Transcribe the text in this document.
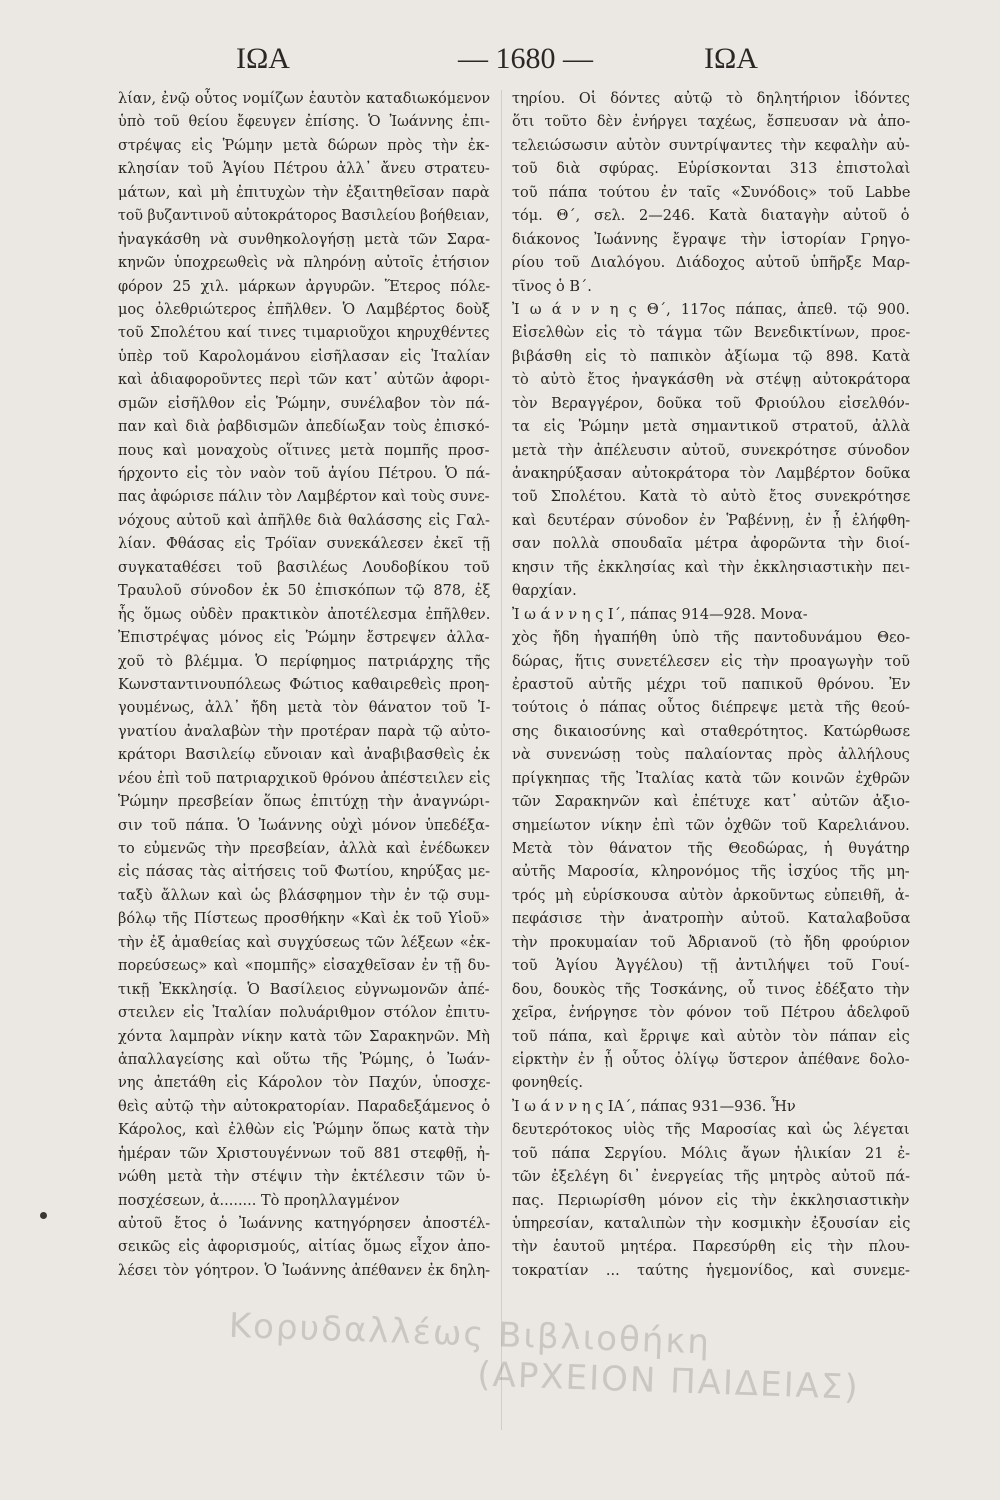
ΙΩΑ	— 1680 —	ΙΩΑ
λίαν, ἐνῷ οὗτος νομίζων ἑαυτὸν καταδιωκόμενον
ὑπὸ τοῦ θείου ἔφευγεν ἐπίσης. Ὁ Ἰωάννης ἐπι-
στρέψας εἰς Ῥώμην μετὰ δώρων πρὸς τὴν ἐκ-
κλησίαν τοῦ Ἁγίου Πέτρου ἀλλ᾿ ἄνευ στρατευ-
μάτων, καὶ μὴ ἐπιτυχὼν τὴν ἐξαιτηθεῖσαν παρὰ
τοῦ βυζαντινοῦ αὐτοκράτορος Βασιλείου βοήθειαν,
ἠναγκάσθη νὰ συνθηκολογήσῃ μετὰ τῶν Σαρα-
κηνῶν ὑποχρεωθεὶς νὰ πληρόνῃ αὐτοῖς ἐτήσιον
φόρον 25 χιλ. μάρκων ἀργυρῶν. Ἕτερος πόλε-
μος ὀλεθριώτερος ἐπῆλθεν. Ὁ Λαμβέρτος δοὺξ
τοῦ Σπολέτου καί τινες τιμαριοῦχοι κηρυχθέντες
ὑπὲρ τοῦ Καρολομάνου εἰσῆλασαν εἰς Ἰταλίαν
καὶ ἀδιαφοροῦντες περὶ τῶν κατ᾿ αὐτῶν ἀφορι-
σμῶν εἰσῆλθον εἰς Ῥώμην, συνέλαβον τὸν πά-
παν καὶ διὰ ῥαβδισμῶν ἀπεδίωξαν τοὺς ἐπισκό-
πους καὶ μοναχοὺς οἵτινες μετὰ πομπῆς προσ-
ήρχοντο εἰς τὸν ναὸν τοῦ ἁγίου Πέτρου. Ὁ πά-
πας ἀφώρισε πάλιν τὸν Λαμβέρτον καὶ τοὺς συνε-
νόχους αὐτοῦ καὶ ἀπῆλθε διὰ θαλάσσης εἰς Γαλ-
λίαν. Φθάσας εἰς Τρόϊαν συνεκάλεσεν ἐκεῖ τῇ
συγκαταθέσει τοῦ βασιλέως Λουδοβίκου τοῦ
Τραυλοῦ σύνοδον ἐκ 50 ἐπισκόπων τῷ 878, ἐξ
ἧς ὅμως οὐδὲν πρακτικὸν ἀποτέλεσμα ἐπῆλθεν.
Ἐπιστρέψας μόνος εἰς Ῥώμην ἔστρεψεν ἀλλα-
χοῦ τὸ βλέμμα. Ὁ περίφημος πατριάρχης τῆς
Κωνσταντινουπόλεως Φώτιος καθαιρεθεὶς προη-
γουμένως, ἀλλ᾿ ἤδη μετὰ τὸν θάνατον τοῦ Ἰ-
γνατίου ἀναλαβὼν τὴν προτέραν παρὰ τῷ αὐτο-
κράτορι Βασιλείῳ εὔνοιαν καὶ ἀναβιβασθεὶς ἐκ
νέου ἐπὶ τοῦ πατριαρχικοῦ θρόνου ἀπέστειλεν εἰς
Ῥώμην πρεσβείαν ὅπως ἐπιτύχῃ τὴν ἀναγνώρι-
σιν τοῦ πάπα. Ὁ Ἰωάννης οὐχὶ μόνον ὑπεδέξα-
το εὐμενῶς τὴν πρεσβείαν, ἀλλὰ καὶ ἐνέδωκεν
εἰς πάσας τὰς αἰτήσεις τοῦ Φωτίου, κηρύξας με-
ταξὺ ἄλλων καὶ ὡς βλάσφημον τὴν ἐν τῷ συμ-
βόλῳ τῆς Πίστεως προσθήκην «Καὶ ἐκ τοῦ Υἱοῦ»
τὴν ἐξ ἀμαθείας καὶ συγχύσεως τῶν λέξεων «ἐκ-
πορεύσεως» καὶ «πομπῆς» εἰσαχθεῖσαν ἐν τῇ δυ-
τικῇ Ἐκκλησίᾳ. Ὁ Βασίλειος εὐγνωμονῶν ἀπέ-
στειλεν εἰς Ἰταλίαν πολυάριθμον στόλον ἐπιτυ-
χόντα λαμπρὰν νίκην κατὰ τῶν Σαρακηνῶν. Μὴ
ἀπαλλαγείσης καὶ οὕτω τῆς Ῥώμης, ὁ Ἰωάν-
νης ἀπετάθη εἰς Κάρολον τὸν Παχύν, ὑποσχε-
θεὶς αὐτῷ τὴν αὐτοκρατορίαν. Παραδεξάμενος ὁ
Κάρολος, καὶ ἐλθὼν εἰς Ῥώμην ὅπως κατὰ τὴν
ἡμέραν τῶν Χριστουγέννων τοῦ 881 στεφθῇ, ἠ-
νώθη μετὰ τὴν στέψιν τὴν ἐκτέλεσιν τῶν ὑ-
ποσχέσεων, ἀ........ Τὸ προηλλαγμένον
αὐτοῦ ἔτος ὁ Ἰωάννης κατηγόρησεν ἀποστέλ-
σεικῶς εἰς ἀφορισμούς, αἰτίας ὅμως εἶχον ἀπο-
λέσει τὸν γόητρον. Ὁ Ἰωάννης ἀπέθανεν ἐκ δηλη-
τηρίου. Οἱ δόντες αὐτῷ τὸ δηλητήριον ἰδόντες
ὅτι τοῦτο δὲν ἐνήργει ταχέως, ἔσπευσαν νὰ ἀπο-
τελειώσωσιν αὐτὸν συντρίψαντες τὴν κεφαλὴν αὐ-
τοῦ διὰ σφύρας. Εὑρίσκονται 313 ἐπιστολαὶ
τοῦ πάπα τούτου ἐν ταῖς «Συνόδοις» τοῦ Labbe
τόμ. Θ΄, σελ. 2—246. Κατὰ διαταγὴν αὐτοῦ ὁ
διάκονος Ἰωάννης ἔγραψε τὴν ἱστορίαν Γρηγο-
ρίου τοῦ Διαλόγου. Διάδοχος αὐτοῦ ὑπῆρξε Μαρ-
τῖνος ὁ Β΄.
Ἰ ω ά ν ν η ς Θ΄, 117ος πάπας, ἀπεθ. τῷ 900.
Εἰσελθὼν εἰς τὸ τάγμα τῶν Βενεδικτίνων, προε-
βιβάσθη εἰς τὸ παπικὸν ἀξίωμα τῷ 898. Κατὰ
τὸ αὐτὸ ἔτος ἠναγκάσθη νὰ στέψῃ αὐτοκράτορα
τὸν Βεραγγέρον, δοῦκα τοῦ Φριούλου εἰσελθόν-
τα εἰς Ῥώμην μετὰ σημαντικοῦ στρατοῦ, ἀλλὰ
μετὰ τὴν ἀπέλευσιν αὐτοῦ, συνεκρότησε σύνοδον
ἀνακηρύξασαν αὐτοκράτορα τὸν Λαμβέρτον δοῦκα
τοῦ Σπολέτου. Κατὰ τὸ αὐτὸ ἔτος συνεκρότησε
καὶ δευτέραν σύνοδον ἐν Ῥαβέννῃ, ἐν ᾗ ἐλήφθη-
σαν πολλὰ σπουδαῖα μέτρα ἀφορῶντα τὴν διοί-
κησιν τῆς ἐκκλησίας καὶ τὴν ἐκκλησιαστικὴν πει-
θαρχίαν.
Ἰ ω ά ν ν η ς Ι΄, πάπας 914—928. Μονα-
χὸς ἤδη ἠγαπήθη ὑπὸ τῆς παντοδυνάμου Θεο-
δώρας, ἥτις συνετέλεσεν εἰς τὴν προαγωγὴν τοῦ
ἐραστοῦ αὐτῆς μέχρι τοῦ παπικοῦ θρόνου. Ἐν
τούτοις ὁ πάπας οὗτος διέπρεψε μετὰ τῆς θεού-
σης δικαιοσύνης καὶ σταθερότητος. Κατώρθωσε
νὰ συνενώσῃ τοὺς παλαίοντας πρὸς ἀλλήλους
πρίγκηπας τῆς Ἰταλίας κατὰ τῶν κοινῶν ἐχθρῶν
τῶν Σαρακηνῶν καὶ ἐπέτυχε κατ᾿ αὐτῶν ἀξιο-
σημείωτον νίκην ἐπὶ τῶν ὀχθῶν τοῦ Καρελιάνου.
Μετὰ τὸν θάνατον τῆς Θεοδώρας, ἡ θυγάτηρ
αὐτῆς Μαροσία, κληρονόμος τῆς ἰσχύος τῆς μη-
τρός μὴ εὑρίσκουσα αὐτὸν ἀρκοῦντως εὐπειθῆ, ἀ-
πεφάσισε τὴν ἀνατροπὴν αὐτοῦ. Καταλαβοῦσα
τὴν προκυμαίαν τοῦ Ἀδριανοῦ (τὸ ἤδη φρούριον
τοῦ Ἁγίου Ἀγγέλου) τῇ ἀντιλήψει τοῦ Γουί-
δου, δουκὸς τῆς Τοσκάνης, οὗ τινος ἐδέξατο τὴν
χεῖρα, ἐνήργησε τὸν φόνον τοῦ Πέτρου ἀδελφοῦ
τοῦ πάπα, καὶ ἔρριψε καὶ αὐτὸν τὸν πάπαν εἰς
εἱρκτὴν ἐν ᾗ οὗτος ὀλίγῳ ὕστερον ἀπέθανε δολο-
φονηθείς.
Ἰ ω ά ν ν η ς ΙΑ΄, πάπας 931—936. Ἦν
δευτερότοκος υἱὸς τῆς Μαροσίας καὶ ὡς λέγεται
τοῦ πάπα Σεργίου. Μόλις ἄγων ἡλικίαν 21 ἐ-
τῶν ἐξελέγη δι᾿ ἐνεργείας τῆς μητρὸς αὐτοῦ πά-
πας. Περιωρίσθη μόνον εἰς τὴν ἐκκλησιαστικὴν
ὑπηρεσίαν, καταλιπὼν τὴν κοσμικὴν ἐξουσίαν εἰς
τὴν ἑαυτοῦ μητέρα. Παρεσύρθη εἰς τὴν πλου-
τοκρατίαν ... ταύτης ἡγεμονίδος, καὶ συνεμε-
Κορυδαλλέως Βιβλιοθήκη
(ΑΡΧΕΙΟΝ ΠΑΙΔΕΙΑΣ)
